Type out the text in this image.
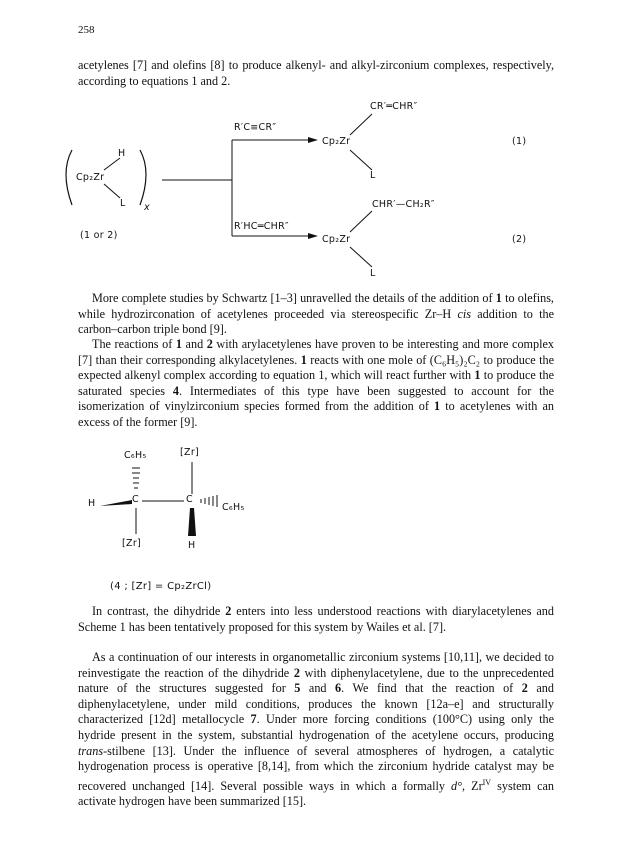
258

acetylenes [7] and olefins [8] to produce alkenyl- and alkyl-zirconium complexes, respectively, according to equations 1 and 2.

H
Cp₂Zr
L x
(1 or 2)
R′C≡CR″
R′HC═CHR″
CR′═CHR″
Cp₂Zr
L
(1)
CHR′—CH₂R″
Cp₂Zr
L
(2)

More complete studies by Schwartz [1–3] unravelled the details of the addition of 1 to olefins, while hydrozirconation of acetylenes proceeded via stereospecific Zr–H cis addition to the carbon–carbon triple bond [9].

The reactions of 1 and 2 with arylacetylenes have proven to be interesting and more complex [7] than their corresponding alkylacetylenes. 1 reacts with one mole of (C₆H₅)₂C₂ to produce the expected alkenyl complex according to equation 1, which will react further with 1 to produce the saturated species 4. Intermediates of this type have been suggested to account for the isomerization of vinylzirconium species formed from the addition of 1 to acetylenes with an excess of the former [9].

C₆H₅	[Zr]
H	C	C
C₆H₅
[Zr]	H
(4 ; [Zr] = Cp₂ZrCl)

In contrast, the dihydride 2 enters into less understood reactions with diarylacetylenes and Scheme 1 has been tentatively proposed for this system by Wailes et al. [7].

As a continuation of our interests in organometallic zirconium systems [10,11], we decided to reinvestigate the reaction of the dihydride 2 with diphenylacetylene, due to the unprecedented nature of the structures suggested for 5 and 6. We find that the reaction of 2 and diphenylacetylene, under mild conditions, produces the known [12a–e] and structurally characterized [12d] metallocycle 7. Under more forcing conditions (100°C) using only the hydride present in the system, substantial hydrogenation of the acetylene occurs, producing trans-stilbene [13]. Under the influence of several atmospheres of hydrogen, a catalytic hydrogenation process is operative [8,14], from which the zirconium hydride catalyst may be recovered unchanged [14]. Several possible ways in which a formally d°, $Zr^{IV}$ system can activate hydrogen have been summarized [15].
